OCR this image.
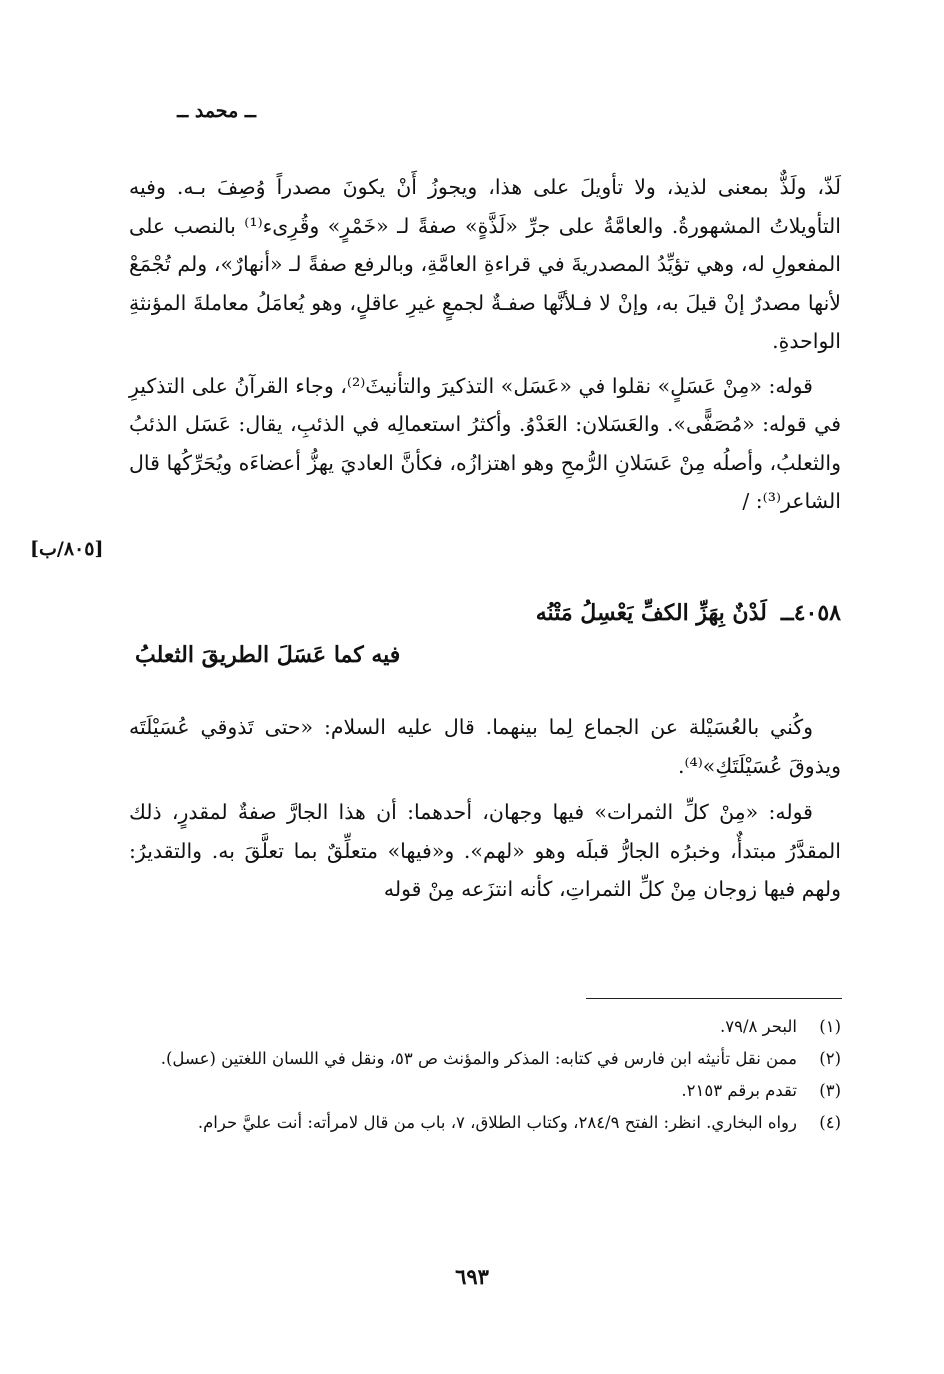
ــ محمد ــ
[٨٠٥/ب]

لَذّ، ولَذٌّ بمعنى لذيذ، ولا تأويلَ على هذا، ويجوزُ أَنْ يكونَ مصدراً وُصِفَ بـه. وفيه التأويلاتُ المشهورةُ. والعامَّةُ على جرِّ «لَذَّةٍ» صفةً لـ «خَمْرٍ» وقُرِىء⁽¹⁾ بالنصب على المفعولِ له، وهي تؤيِّدُ المصدريةَ في قراءةِ العامَّةِ، وبالرفع صفةً لـ «أنهارٌ»، ولم تُجْمَعْ لأنها مصدرٌ إنْ قيلَ به، وإنْ لا فـلأنَّها صفـةٌ لجمعٍ غيرِ عاقلٍ، وهو يُعامَلُ معاملةَ المؤنثةِ الواحدةِ.

قوله: «مِنْ عَسَلٍ» نقلوا في «عَسَل» التذكيرَ والتأنيثَ⁽²⁾، وجاء القرآنُ على التذكيرِ في قوله: «مُصَفًّى». والعَسَلان: العَدْوُ. وأكثرُ استعمالِه في الذئبِ، يقال: عَسَل الذئبُ والثعلبُ، وأصلُه مِنْ عَسَلانِ الرُّمحِ وهو اهتزازُه، فكأنَّ العاديَ يهزُّ أعضاءَه ويُحَرِّكُها قال الشاعر⁽³⁾: /

٤٠٥٨ــ
لَدْنٌ بِهَزِّ الكفِّ يَعْسِلُ مَتْنُه
فيه كما عَسَلَ الطريقَ الثعلبُ

وكُني بالعُسَيْلة عن الجماع لِما بينهما. قال عليه السلام: «حتى تَذوقي عُسَيْلَتَه ويذوقَ عُسَيْلَتَكِ»⁽⁴⁾.

قوله: «مِنْ كلِّ الثمرات» فيها وجهان، أحدهما: أن هذا الجارَّ صفةٌ لمقدرٍ، ذلك المقدَّرُ مبتدأٌ، وخبرُه الجارُّ قبلَه وهو «لهم». و«فيها» متعلِّقٌ بما تعلَّقَ به. والتقديرُ: ولهم فيها زوجان مِنْ كلِّ الثمراتِ، كأنه انتزَعه مِنْ قوله

(١)
البحر ٧٩/٨.
(٢)
ممن نقل تأنيثه ابن فارس في كتابه: المذكر والمؤنث ص ٥٣، ونقل في اللسان اللغتين (عسل).
(٣)
تقدم برقم ٢١٥٣.
(٤)
رواه البخاري. انظر: الفتح ٢٨٤/٩، وكتاب الطلاق، ٧، باب من قال لامرأته: أنت عليَّ حرام.
٦٩٣
